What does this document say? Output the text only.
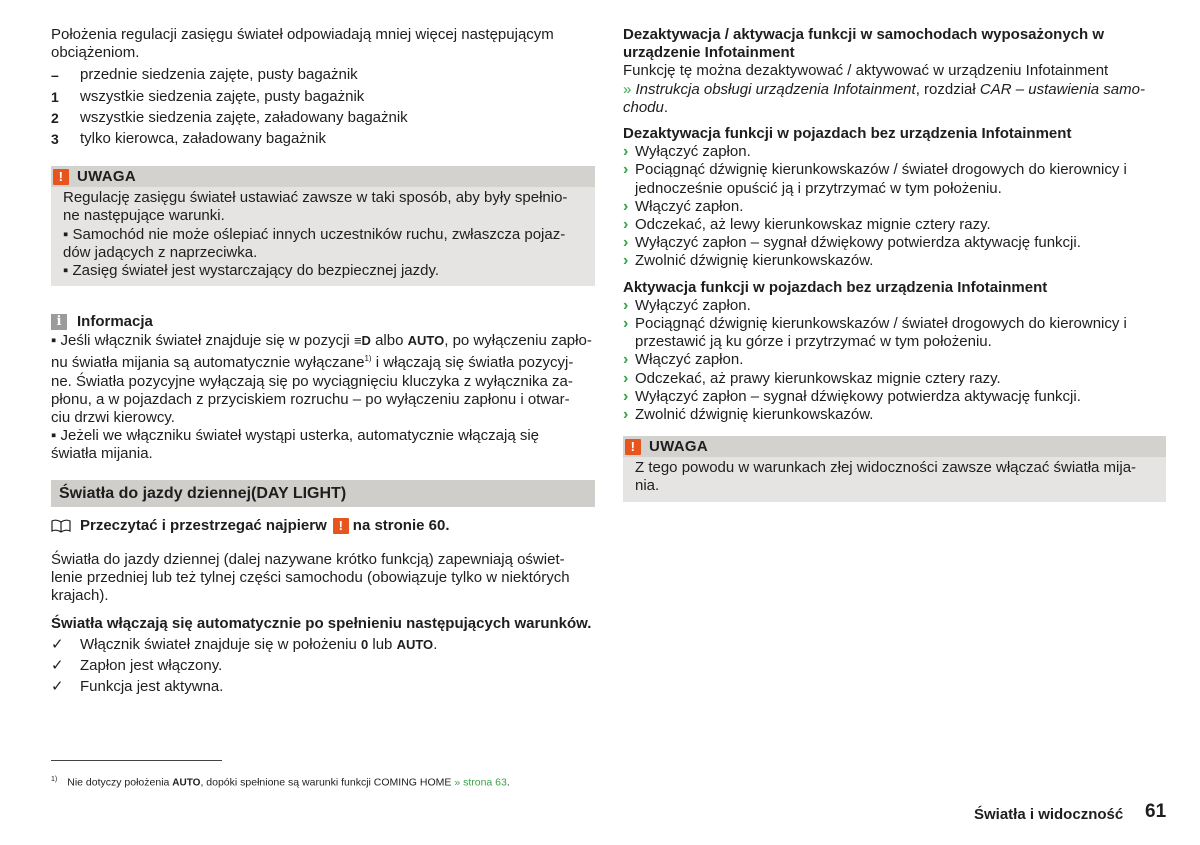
Położenia regulacji zasięgu świateł odpowiadają mniej więcej następującym obciążeniom.

–	przednie siedzenia zajęte, pusty bagażnik
1	wszystkie siedzenia zajęte, pusty bagażnik
2	wszystkie siedzenia zajęte, załadowany bagażnik
3	tylko kierowca, załadowany bagażnik
! UWAGA

Regulację zasięgu świateł ustawiać zawsze w taki sposób, aby były spełnio-

ne następujące warunki.

▪ Samochód nie może oślepiać innych uczestników ruchu, zwłaszcza pojaz-

dów jadących z naprzeciwka.

▪ Zasięg świateł jest wystarczający do bezpiecznej jazdy.

i	Informacja

▪ Jeśli włącznik świateł znajduje się w pozycji ≡D albo AUTO, po wyłączeniu zapło-

nu światła mijania są automatycznie wyłączane$^{1)}$ i włączają się światła pozycyj-

ne. Światła pozycyjne wyłączają się po wyciągnięciu kluczyka z wyłącznika za-

płonu, a w pojazdach z przyciskiem rozruchu – po wyłączeniu zapłonu i otwar-

ciu drzwi kierowcy.

▪ Jeżeli we włączniku świateł wystąpi usterka, automatycznie włączają się

światła mijania.

Światła do jazdy dziennej(DAY LIGHT)
Przeczytać i przestrzegać najpierw ! na stronie 60.

Światła do jazdy dziennej (dalej nazywane krótko funkcją) zapewniają oświet-

lenie przedniej lub też tylnej części samochodu (obowiązuje tylko w niektórych

krajach).

Światła włączają się automatycznie po spełnieniu następujących warunków.

✓	Włącznik świateł znajduje się w położeniu 0 lub AUTO.
✓	Zapłon jest włączony.
✓	Funkcja jest aktywna.

Dezaktywacja / aktywacja funkcji w samochodach wyposażonych w urządzenie Infotainment

Funkcję tę można dezaktywować / aktywować w urządzeniu Infotainment

» Instrukcja obsługi urządzenia Infotainment, rozdział CAR – ustawienia samo-
chodu.

Dezaktywacja funkcji w pojazdach bez urządzenia Infotainment

› Wyłączyć zapłon.
› Pociągnąć dźwignię kierunkowskazów / świateł drogowych do kierownicy i jednocześnie opuścić ją i przytrzymać w tym położeniu.
› Włączyć zapłon.
› Odczekać, aż lewy kierunkowskaz mignie cztery razy.
› Wyłączyć zapłon – sygnał dźwiękowy potwierdza aktywację funkcji.
› Zwolnić dźwignię kierunkowskazów.

Aktywacja funkcji w pojazdach bez urządzenia Infotainment

› Wyłączyć zapłon.
› Pociągnąć dźwignię kierunkowskazów / świateł drogowych do kierownicy i przestawić ją ku górze i przytrzymać w tym położeniu.
› Włączyć zapłon.
› Odczekać, aż prawy kierunkowskaz mignie cztery razy.
› Wyłączyć zapłon – sygnał dźwiękowy potwierdza aktywację funkcji.
› Zwolnić dźwignię kierunkowskazów.
! UWAGA

Z tego powodu w warunkach złej widoczności zawsze włączać światła mija-

nia.

$^{1)}$ Nie dotyczy położenia AUTO, dopóki spełnione są warunki funkcji COMING HOME » strona 63.
Światła i widoczność 61
